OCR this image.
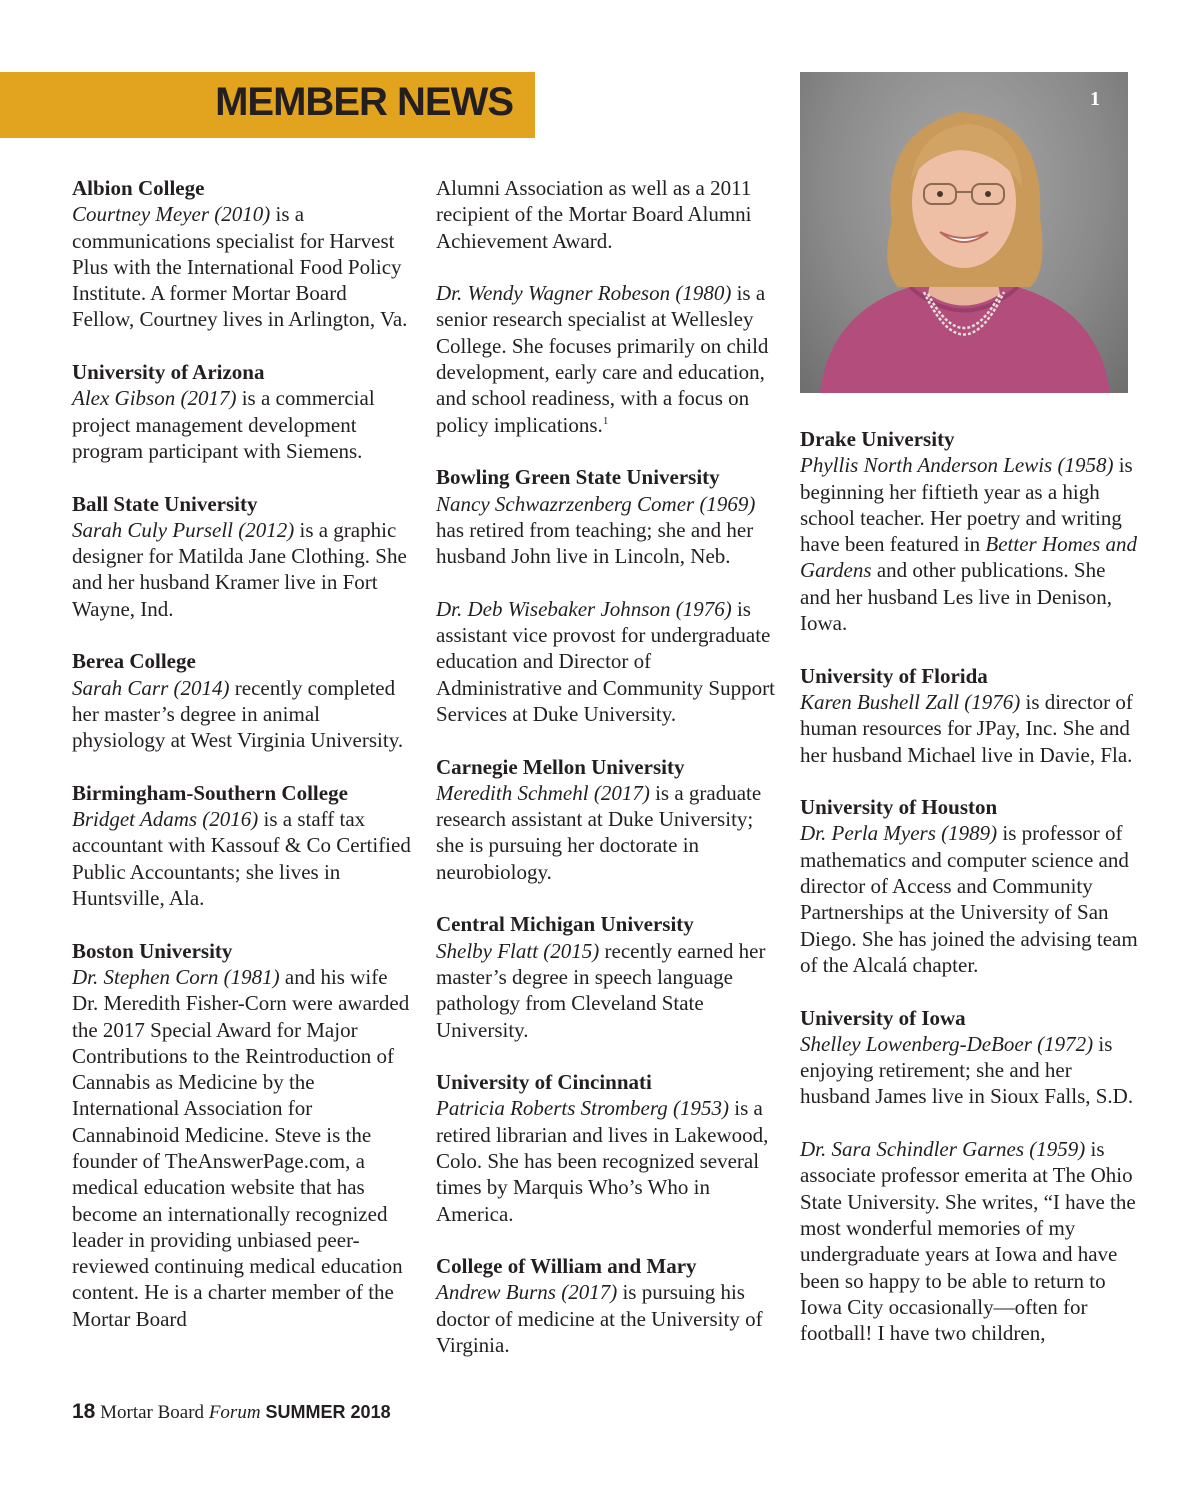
MEMBER NEWS	1

Albion College
Courtney Meyer (2010) is a communications specialist for Harvest Plus with the International Food Policy Institute. A former Mortar Board Fellow, Courtney lives in Arlington, Va.

University of Arizona
Alex Gibson (2017) is a commercial project management development program participant with Siemens.

Ball State University
Sarah Culy Pursell (2012) is a graphic designer for Matilda Jane Clothing. She and her husband Kramer live in Fort Wayne, Ind.

Berea College
Sarah Carr (2014) recently completed her master’s degree in animal physiology at West Virginia University.

Birmingham-Southern College
Bridget Adams (2016) is a staff tax accountant with Kassouf & Co Certified Public Accountants; she lives in Huntsville, Ala.

Boston University
Dr. Stephen Corn (1981) and his wife Dr. Meredith Fisher-Corn were awarded the 2017 Special Award for Major Contributions to the Reintroduction of Cannabis as Medicine by the International Association for Cannabinoid Medicine. Steve is the founder of TheAnswerPage.com, a medical education website that has become an internationally recognized leader in providing unbiased peer-reviewed continuing medical education content. He is a charter member of the Mortar Board

Alumni Association as well as a 2011 recipient of the Mortar Board Alumni Achievement Award.

Dr. Wendy Wagner Robeson (1980) is a senior research specialist at Wellesley College. She focuses primarily on child development, early care and education, and school readiness, with a focus on policy implications.$^1$

Bowling Green State University
Nancy Schwazrzenberg Comer (1969) has retired from teaching; she and her husband John live in Lincoln, Neb.

Dr. Deb Wisebaker Johnson (1976) is assistant vice provost for undergraduate education and Director of Administrative and Community Support Services at Duke University.

Carnegie Mellon University
Meredith Schmehl (2017) is a graduate research assistant at Duke University; she is pursuing her doctorate in neurobiology.

Central Michigan University
Shelby Flatt (2015) recently earned her master’s degree in speech language pathology from Cleveland State University.

University of Cincinnati
Patricia Roberts Stromberg (1953) is a retired librarian and lives in Lakewood, Colo. She has been recognized several times by Marquis Who’s Who in America.

College of William and Mary
Andrew Burns (2017) is pursuing his doctor of medicine at the University of Virginia.

Drake University
Phyllis North Anderson Lewis (1958) is beginning her fiftieth year as a high school teacher. Her poetry and writing have been featured in Better Homes and Gardens and other publications. She and her husband Les live in Denison, Iowa.

University of Florida
Karen Bushell Zall (1976) is director of human resources for JPay, Inc. She and her husband Michael live in Davie, Fla.

University of Houston
Dr. Perla Myers (1989) is professor of mathematics and computer science and director of Access and Community Partnerships at the University of San Diego. She has joined the advising team of the Alcalá chapter.

University of Iowa
Shelley Lowenberg-DeBoer (1972) is enjoying retirement; she and her husband James live in Sioux Falls, S.D.

Dr. Sara Schindler Garnes (1959) is associate professor emerita at The Ohio State University. She writes, “I have the most wonderful memories of my undergraduate years at Iowa and have been so happy to be able to return to Iowa City occasionally—often for football! I have two children,

18 Mortar Board Forum SUMMER 2018
